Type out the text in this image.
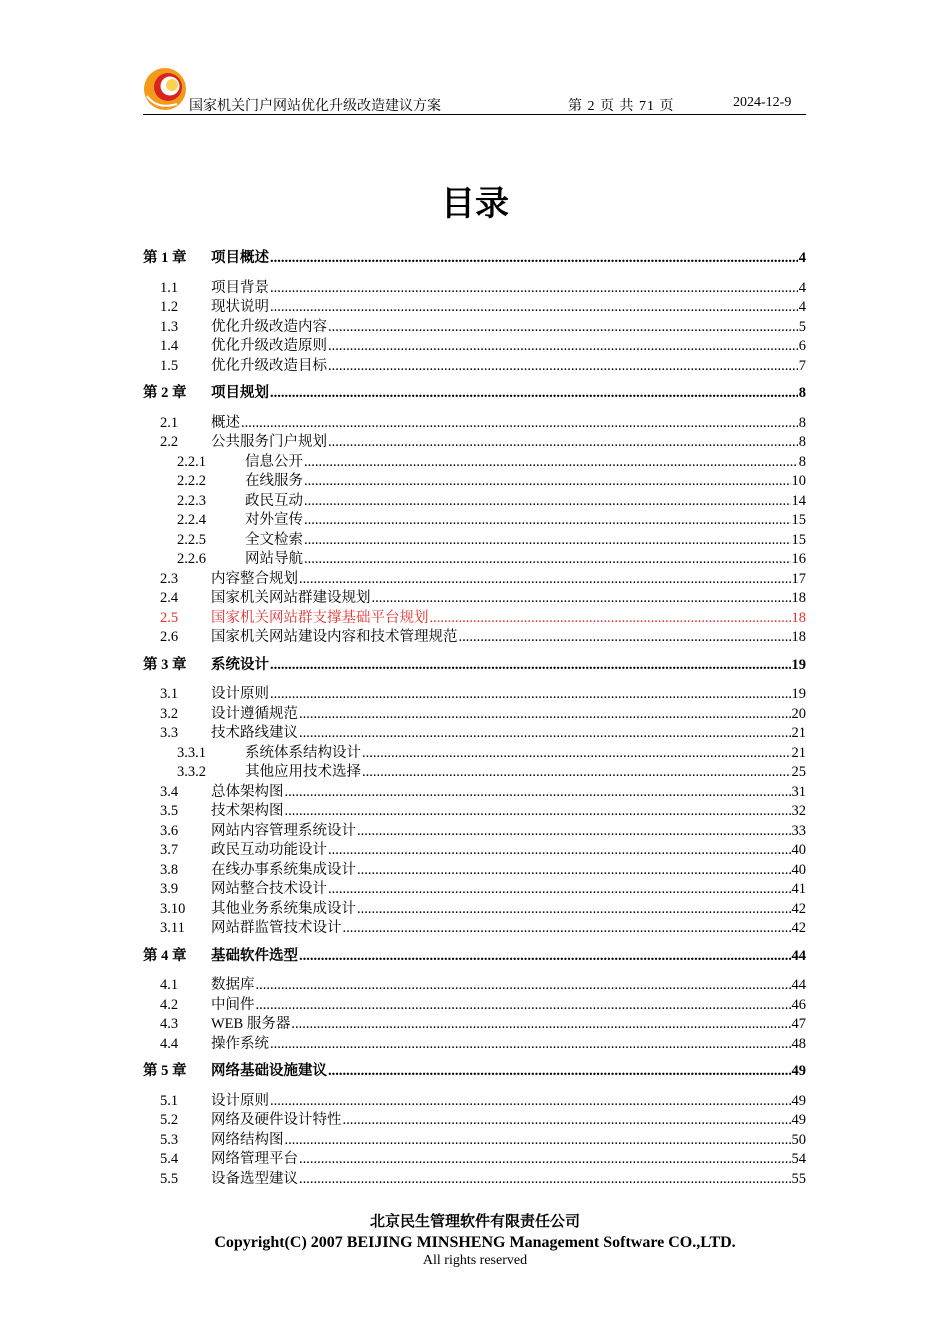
国家机关门户网站优化升级改造建议方案	第 2 页 共 71 页	2024-12-9
目录
第 1 章	项目概述 .....	4
1.1	项目背景 .....	4
1.2	现状说明 .....	4
1.3	优化升级改造内容 .....	5
1.4	优化升级改造原则 .....	6
1.5	优化升级改造目标 .....	7
第 2 章	项目规划 .....	8
2.1	概述 .....	8
2.2	公共服务门户规划 .....	8
2.2.1	信息公开 .....	8
2.2.2	在线服务 .....	10
2.2.3	政民互动 .....	14
2.2.4	对外宣传 .....	15
2.2.5	全文检索 .....	15
2.2.6	网站导航 .....	16
2.3	内容整合规划 .....	17
2.4	国家机关网站群建设规划 .....	18
2.5	国家机关网站群支撑基础平台规划 .....	18
2.6	国家机关网站建设内容和技术管理规范 .....	18
第 3 章	系统设计 .....	19
3.1	设计原则 .....	19
3.2	设计遵循规范 .....	20
3.3	技术路线建议 .....	21
3.3.1	系统体系结构设计 .....	21
3.3.2	其他应用技术选择 .....	25
3.4	总体架构图 .....	31
3.5	技术架构图 .....	32
3.6	网站内容管理系统设计 .....	33
3.7	政民互动功能设计 .....	40
3.8	在线办事系统集成设计 .....	40
3.9	网站整合技术设计 .....	41
3.10	其他业务系统集成设计 .....	42
3.11	网站群监管技术设计 .....	42
第 4 章	基础软件选型 .....	44
4.1	数据库 .....	44
4.2	中间件 .....	46
4.3	WEB 服务器 .....	47
4.4	操作系统 .....	48
第 5 章	网络基础设施建议 .....	49
5.1	设计原则 .....	49
5.2	网络及硬件设计特性 .....	49
5.3	网络结构图 .....	50
5.4	网络管理平台 .....	54
5.5	设备选型建议 .....	55
北京民生管理软件有限责任公司
Copyright(C) 2007 BEIJING MINSHENG Management Software CO.,LTD.
All rights reserved
